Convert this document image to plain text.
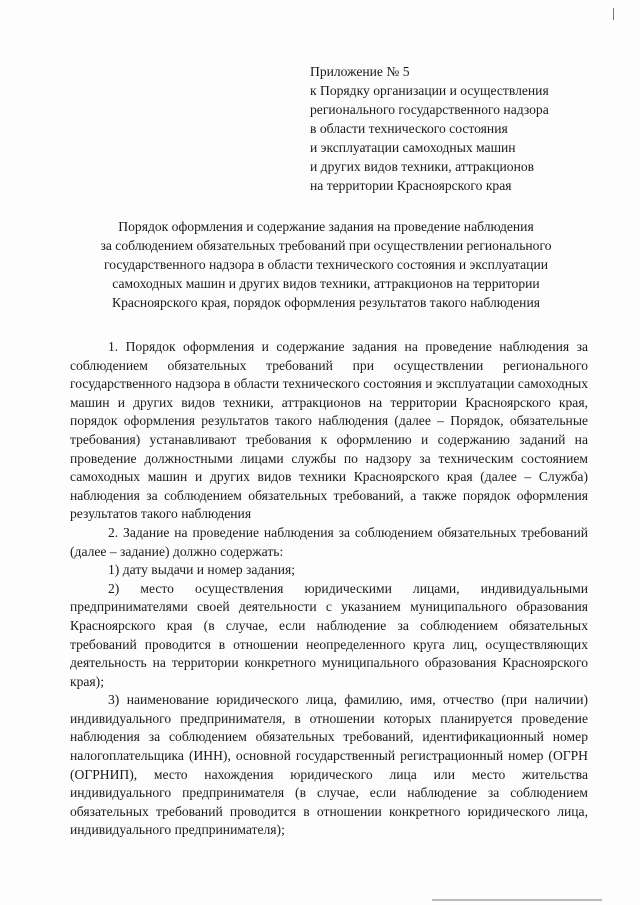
Приложение № 5
к Порядку организации и осуществления
регионального государственного надзора
в области технического состояния
и эксплуатации самоходных машин
и других видов техники, аттракционов
на территории Красноярского края
Порядок оформления и содержание задания на проведение наблюдения
за соблюдением обязательных требований при осуществлении регионального
государственного надзора в области технического состояния и эксплуатации
самоходных машин и других видов техники, аттракционов на территории
Красноярского края, порядок оформления результатов такого наблюдения

1. Порядок оформления и содержание задания на проведение наблюдения за соблюдением обязательных требований при осуществлении регионального государственного надзора в области технического состояния и эксплуатации самоходных машин и других видов техники, аттракционов на территории Красноярского края, порядок оформления результатов такого наблюдения (далее – Порядок, обязательные требования) устанавливают требования к оформлению и содержанию заданий на проведение должностными лицами службы по надзору за техническим состоянием самоходных машин и других видов техники Красноярского края (далее – Служба) наблюдения за соблюдением обязательных требований, а также порядок оформления результатов такого наблюдения

2. Задание на проведение наблюдения за соблюдением обязательных требований (далее – задание) должно содержать:

1) дату выдачи и номер задания;

2) место осуществления юридическими лицами, индивидуальными предпринимателями своей деятельности с указанием муниципального образования Красноярского края (в случае, если наблюдение за соблюдением обязательных требований проводится в отношении неопределенного круга лиц, осуществляющих деятельность на территории конкретного муниципального образования Красноярского края);

3) наименование юридического лица, фамилию, имя, отчество (при наличии) индивидуального предпринимателя, в отношении которых планируется проведение наблюдения за соблюдением обязательных требований, идентификационный номер налогоплательщика (ИНН), основной государственный регистрационный номер (ОГРН (ОГРНИП), место нахождения юридического лица или место жительства индивидуального предпринимателя (в случае, если наблюдение за соблюдением обязательных требований проводится в отношении конкретного юридического лица, индивидуального предпринимателя);
